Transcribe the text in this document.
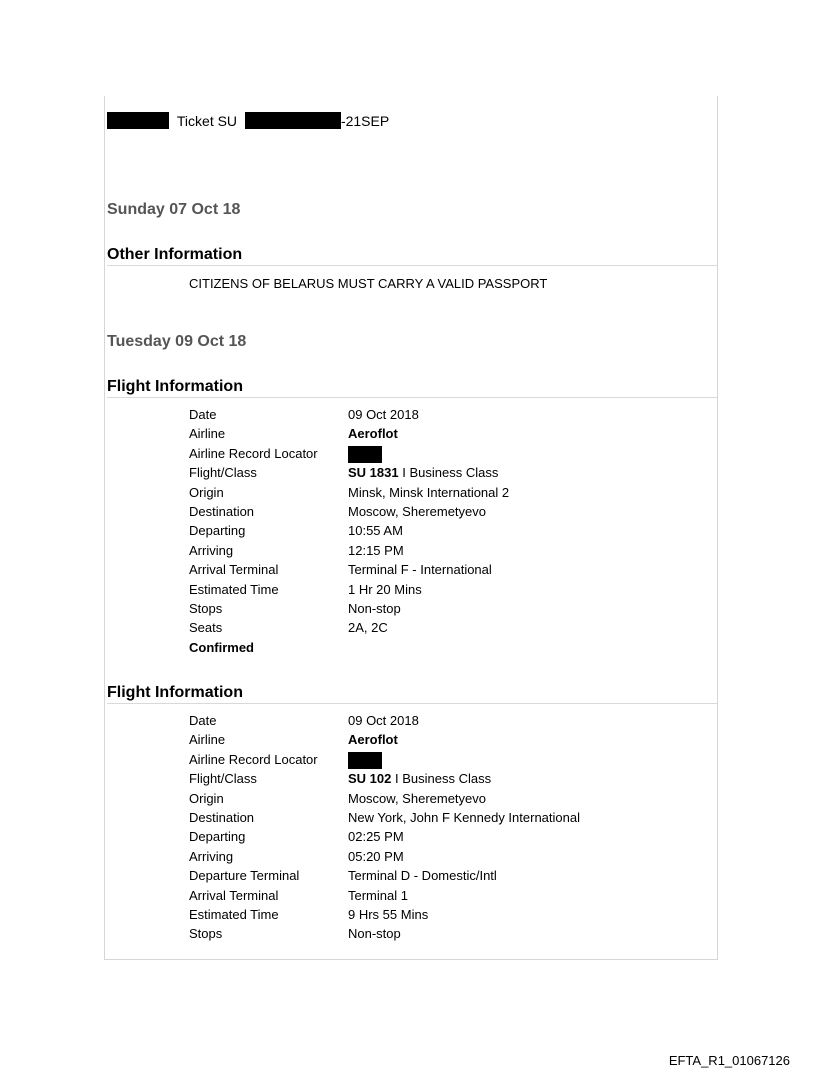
Ticket SU	-21SEP
Sunday 07 Oct 18
Other Information
CITIZENS OF BELARUS MUST CARRY A VALID PASSPORT
Tuesday 09 Oct 18
Flight Information
Date	09 Oct 2018
Airline	Aeroflot
Airline Record Locator
Flight/Class	SU 1831 I Business Class
Origin	Minsk, Minsk International 2
Destination	Moscow, Sheremetyevo
Departing	10:55 AM
Arriving	12:15 PM
Arrival Terminal	Terminal F - International
Estimated Time	1 Hr 20 Mins
Stops	Non-stop
Seats	2A, 2C
Confirmed
Flight Information
Date	09 Oct 2018
Airline	Aeroflot
Airline Record Locator
Flight/Class	SU 102 I Business Class
Origin	Moscow, Sheremetyevo
Destination	New York, John F Kennedy International
Departing	02:25 PM
Arriving	05:20 PM
Departure Terminal	Terminal D - Domestic/Intl
Arrival Terminal	Terminal 1
Estimated Time	9 Hrs 55 Mins
Stops	Non-stop
EFTA_R1_01067126
